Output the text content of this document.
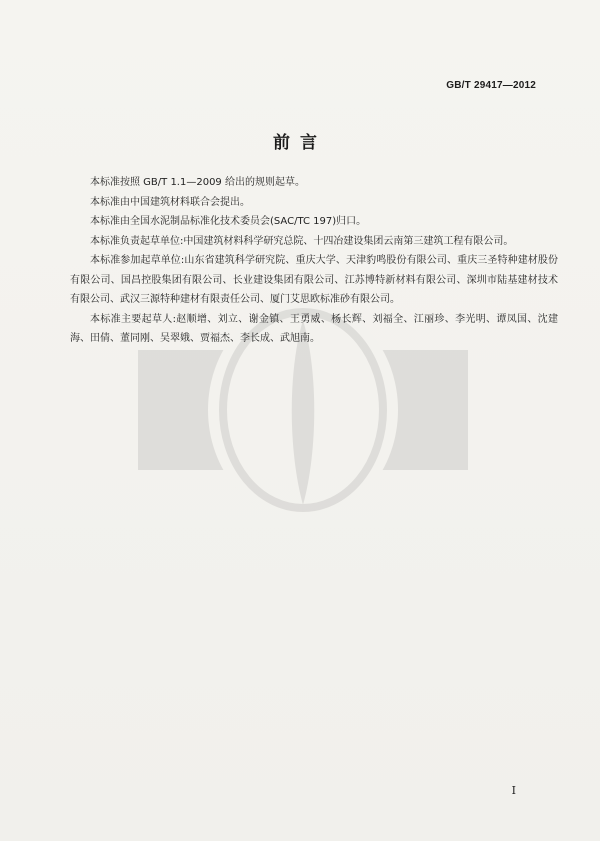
GB/T 29417—2012
前言

本标准按照 GB/T 1.1—2009 给出的规则起草。

本标准由中国建筑材料联合会提出。

本标准由全国水泥制品标准化技术委员会(SAC/TC 197)归口。

本标准负责起草单位:中国建筑材料科学研究总院、十四冶建设集团云南第三建筑工程有限公司。

本标准参加起草单位:山东省建筑科学研究院、重庆大学、天津豹鸣股份有限公司、重庆三圣特种建材股份有限公司、国昌控股集团有限公司、长业建设集团有限公司、江苏博特新材料有限公司、深圳市陆基建材技术有限公司、武汉三源特种建材有限责任公司、厦门艾思欧标准砂有限公司。

本标准主要起草人:赵顺增、刘立、谢金镇、王勇威、杨长辉、刘福全、江丽珍、李光明、谭凤国、沈建海、田倩、董同刚、吴翠娥、贾福杰、李长成、武旭南。

I
